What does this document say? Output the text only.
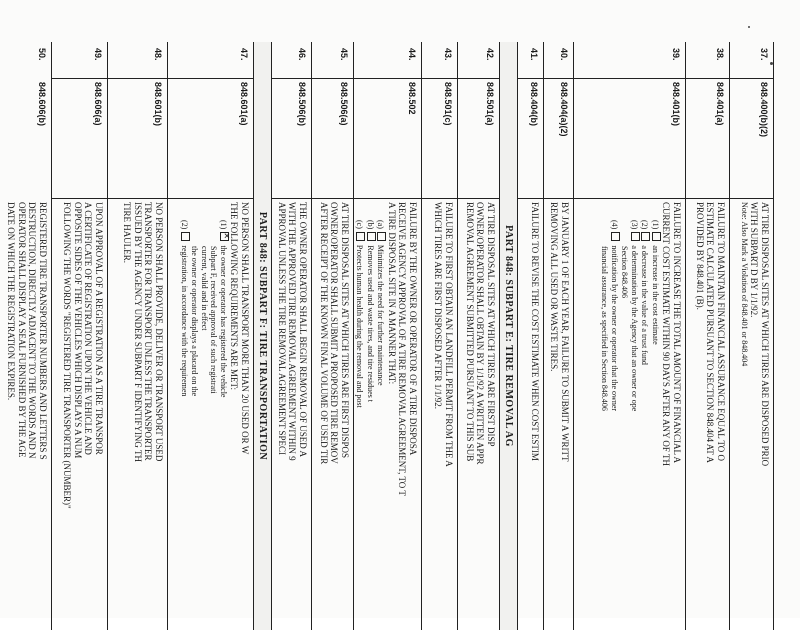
37.
848.400(b)(2)
AT TIRE DISPOSAL SITES AT WHICH TIRES ARE DISPOSED PRIO
WITH SUBPART D BY 1/1/92.
Note: Also Mark a Violation of 848.401 or 848.404
38.
848.401(a)
FAILURE TO MAINTAIN FINANCIAL ASSURANCE EQUAL TO O
ESTIMATE CALCULATED PURSUANT TO SECTION 848.404 AT A
PROVIDED BY 848.401 (B).
39.
848.401(b)
FAILURE TO INCREASE THE TOTAL AMOUNT OF FINANCIAL A
CURRENT COST ESTIMATE WITHIN 90 DAYS AFTER ANY OF TH
(1)an increase in the cost estimate
(2)a decrease in the value of a trust fund
(3)a determination by the Agency that an owner or ope
Section 848.406
(4)notification by the owner or operator that the owner
financial assurance, as specified in Section 848.406
40.
848.404(a)(2)
BY JANUARY 1 OF EACH YEAR, FAILURE TO SUBMIT A WRITT
REMOVING ALL USED OR WASTE TIRES.
41.
848.404(b)
FAILURE TO REVISE THE COST ESTIMATE WHEN COST ESTIM
PART 848: SUBPART E: TIRE REMOVAL AG
42.
848.501(a)
AT TIRE DISPOSAL SITES AT WHICH TIRES ARE FIRST DISP
OWNER/OPERATOR SHALL OBTAIN BY 1/1/92 A WRITTEN APPR
REMOVAL AGREEMENT SUBMITTED PURSUANT TO THIS SUB
43.
848.501(c)
FAILURE TO FIRST OBTAIN AN LANDFILL PERMIT FROM THE A
WHICH TIRES ARE FIRST DISPOSED AFTER 1/1/92.
44.
848.502
FAILURE BY THE OWNER OR OPERATOR OF A TIRE DISPOSA
RECEIVE AGENCY APPROVAL OF A TIRE REMOVAL AGREEMENT, TO T
A TIRE DISPOSAL SITE IN A MANNER THAT:
(a)Minimizes the need for further maintenance
(b)Removes used and waste tires, and tire residues t
(c)Protects human health during the removal and post
45.
848.506(a)
AT TIRE DISPOSAL SITES AT WHICH TIRES ARE FIRST DISPOS
OWNER/OPERATOR SHALL SUBMIT A PROPOSED TIRE REMOV
AFTER RECEIPT OF THE KNOWN FINAL VOLUME OF USED TIR
46.
848.506(b)
THE OWNER OPERATOR SHALL BEGIN REMOVAL OF USED A
WITH THE APPROVED TIRE REMOVAL AGREEMENT WITHIN 9
APPROVAL UNLESS THE TIRE REMOVAL AGREEMENT SPECI
PART 848: SUBPART F: TIRE TRANSPORTATION
47.
848.601(a)
NO PERSON SHALL TRANSPORT MORE THAN 20 USED OR W
THE FOLLOWING REQUIREMENTS ARE MET:
(1)✕the owner or operator has registered the vehicle
Subpart F, received approval of such registrati
current, valid and in effect
the owner or operator displays a placard on the
(2)registration, in accordance with the requiremen
48.
848.601(b)
NO PERSON SHALL PROVIDE, DELIVER OR TRANSPORT USED
TRANSPORTER FOR TRANSPORT UNLESS THE TRANSPORTER
ISSUED BY THE AGENCY UNDER SUBPART F IDENTIFYING TH
TIRE HAULER.
49.
848.606(a)
UPON APPROVAL OF A REGISTRATION AS A TIRE TRANSPOR
A CERTIFICATE OF REGISTRATION UPON THE VEHICLE AND
OPPOSITE SIDES OF THE VEHICLES WHICH DISPLAYS A NUM
FOLLOWING THE WORDS "REGISTERED TIRE TRANSPORTER (NUMBER)"
50.
848.606(b)
REGISTERED TIRE TRANSPORTER NUMBERS AND LETTERS S
DESTRUCTION, DIRECTLY ADJACENT TO THE WORDS AND N
OPERATOR SHALL DISPLAY A SEAL FURNISHED BY THE AGE
DATE ON WHICH THE REGISTRATION EXPIRES.
